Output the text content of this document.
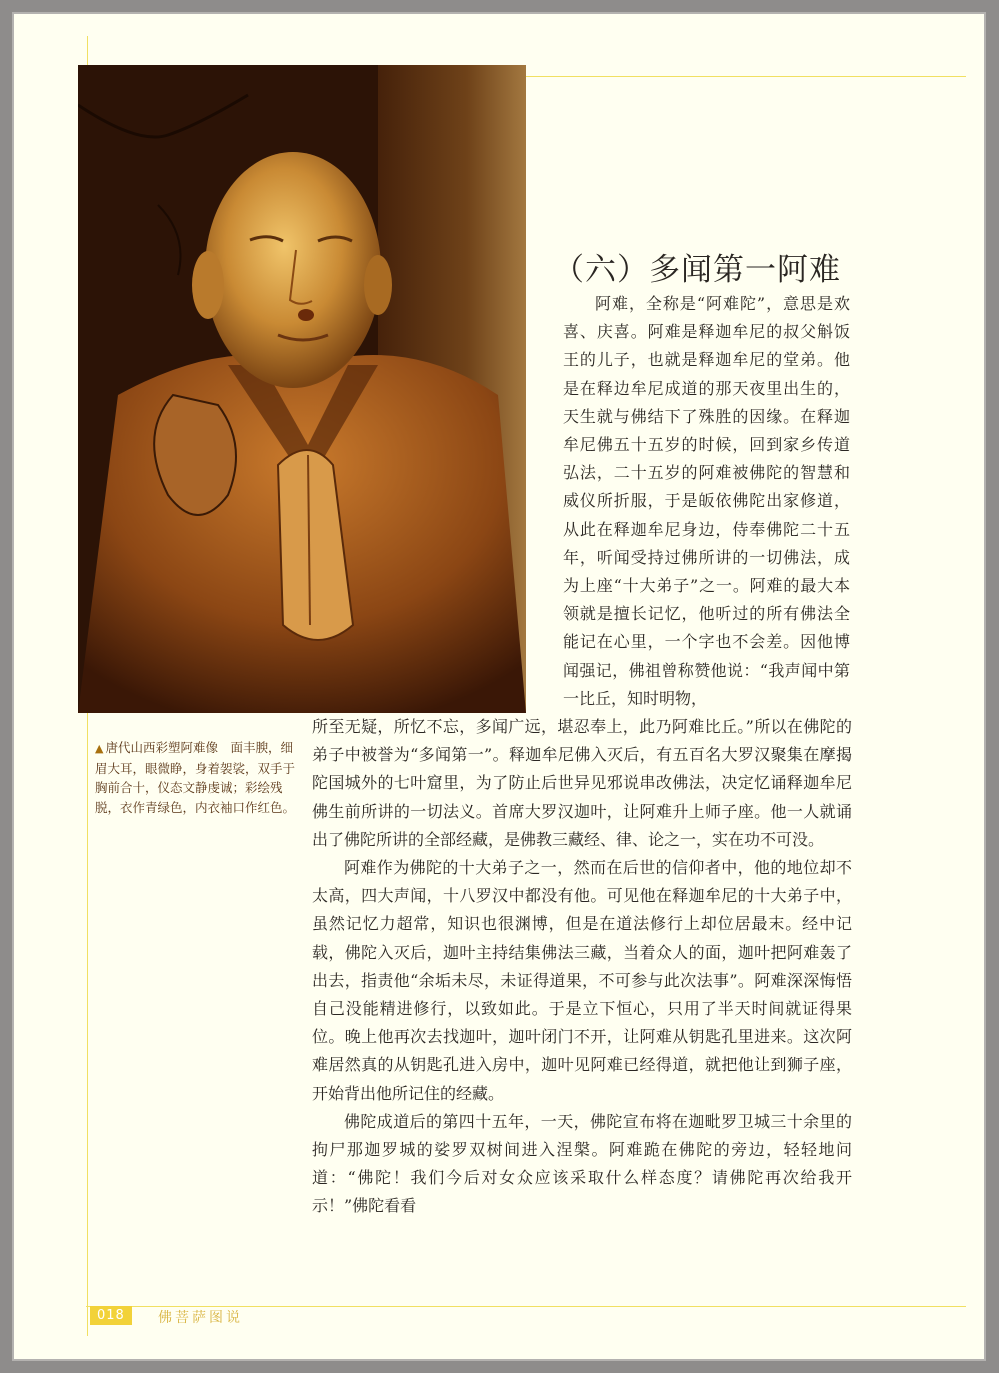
（六）多闻第一阿难

阿难，全称是“阿难陀”，意思是欢喜、庆喜。阿难是释迦牟尼的叔父斛饭王的儿子，也就是释迦牟尼的堂弟。他是在释边牟尼成道的那天夜里出生的，天生就与佛结下了殊胜的因缘。在释迦牟尼佛五十五岁的时候，回到家乡传道弘法，二十五岁的阿难被佛陀的智慧和威仪所折服，于是皈依佛陀出家修道，从此在释迦牟尼身边，侍奉佛陀二十五年，听闻受持过佛所讲的一切佛法，成为上座“十大弟子”之一。阿难的最大本领就是擅长记忆，他听过的所有佛法全能记在心里，一个字也不会差。因他博闻强记，佛祖曾称赞他说：“我声闻中第一比丘，知时明物，

▲ 唐代山西彩塑阿难像　面丰腴，细眉大耳，眼微睁，身着袈裟，双手于胸前合十，仪态文静虔诚；彩绘残脱，衣作青绿色，内衣袖口作红色。

所至无疑，所忆不忘，多闻广远，堪忍奉上，此乃阿难比丘。”所以在佛陀的弟子中被誉为“多闻第一”。释迦牟尼佛入灭后，有五百名大罗汉聚集在摩揭陀国城外的七叶窟里，为了防止后世异见邪说串改佛法，决定忆诵释迦牟尼佛生前所讲的一切法义。首席大罗汉迦叶，让阿难升上师子座。他一人就诵出了佛陀所讲的全部经藏，是佛教三藏经、律、论之一，实在功不可没。

阿难作为佛陀的十大弟子之一，然而在后世的信仰者中，他的地位却不太高，四大声闻，十八罗汉中都没有他。可见他在释迦牟尼的十大弟子中，虽然记忆力超常，知识也很渊博，但是在道法修行上却位居最末。经中记载，佛陀入灭后，迦叶主持结集佛法三藏，当着众人的面，迦叶把阿难轰了出去，指责他“余垢未尽，未证得道果，不可参与此次法事”。阿难深深悔悟自己没能精进修行，以致如此。于是立下恒心，只用了半天时间就证得果位。晚上他再次去找迦叶，迦叶闭门不开，让阿难从钥匙孔里进来。这次阿难居然真的从钥匙孔进入房中，迦叶见阿难已经得道，就把他让到狮子座，开始背出他所记住的经藏。

佛陀成道后的第四十五年，一天，佛陀宣布将在迦毗罗卫城三十余里的拘尸那迦罗城的娑罗双树间进入涅槃。阿难跪在佛陀的旁边，轻轻地问道：“佛陀！我们今后对女众应该采取什么样态度？请佛陀再次给我开示！”佛陀看看

018	佛菩萨图说
